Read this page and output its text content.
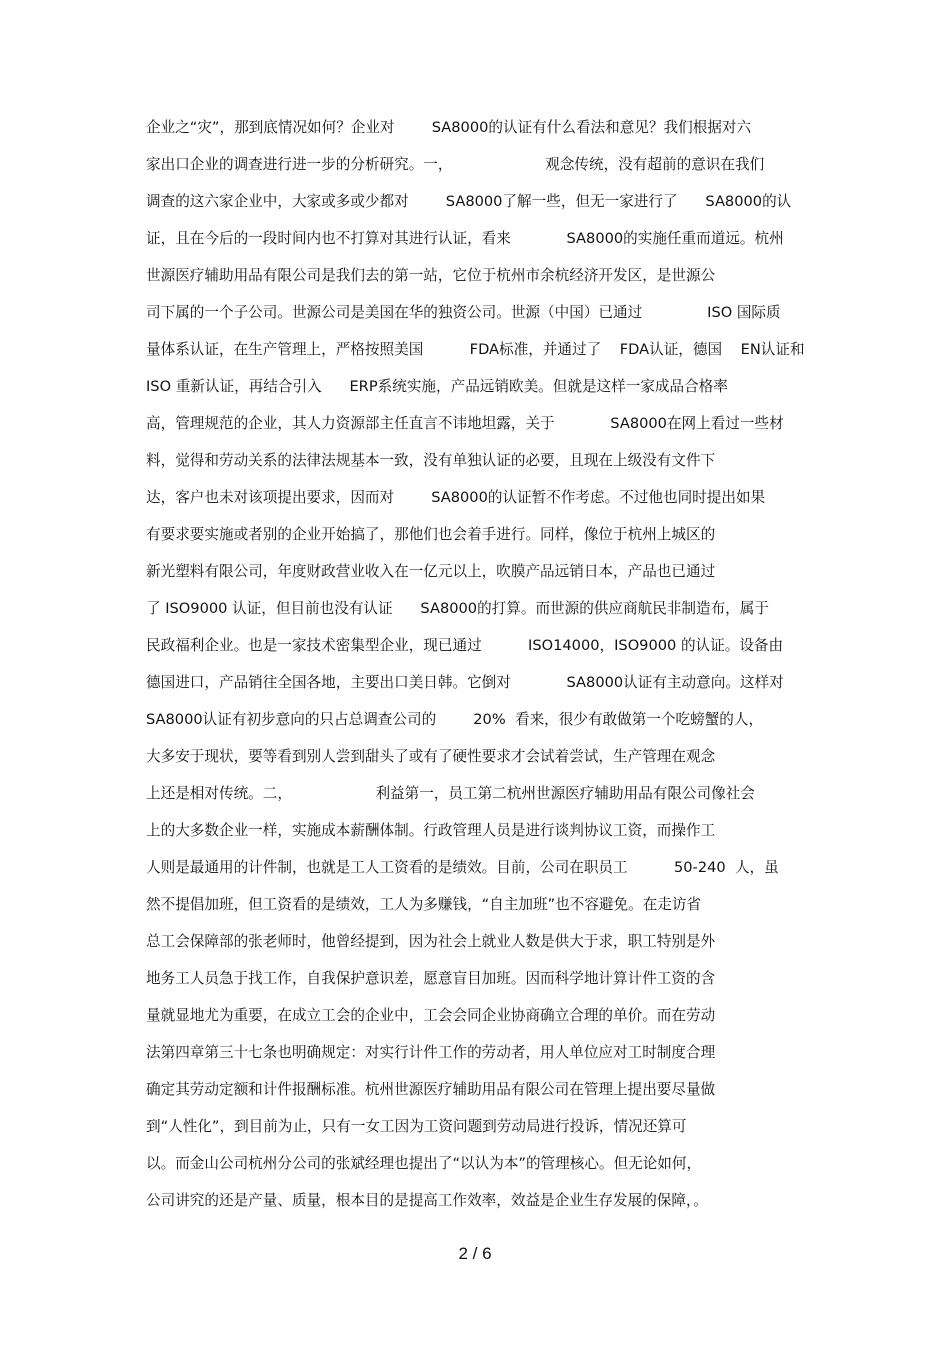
企业之“灾”，那到底情况如何？企业对        SA8000的认证有什么看法和意见？我们根据对六
家出口企业的调查进行进一步的分析研究。一，                    观念传统，没有超前的意识在我们
调查的这六家企业中，大家或多或少都对        SA8000了解一些，但无一家进行了      SA8000的认
证，且在今后的一段时间内也不打算对其进行认证，看来            SA8000的实施任重而道远。杭州
世源医疗辅助用品有限公司是我们去的第一站，它位于杭州市余杭经济开发区，是世源公
司下属的一个子公司。世源公司是美国在华的独资公司。世源（中国）已通过              ISO 国际质
量体系认证，在生产管理上，严格按照美国          FDA标准，并通过了    FDA认证，德国    EN认证和
ISO 重新认证，再结合引入      ERP系统实施，产品远销欧美。但就是这样一家成品合格率
高，管理规范的企业，其人力资源部主任直言不讳地坦露，关于            SA8000在网上看过一些材
料，觉得和劳动关系的法律法规基本一致，没有单独认证的必要，且现在上级没有文件下
达，客户也未对该项提出要求，因而对        SA8000的认证暂不作考虑。不过他也同时提出如果
有要求要实施或者别的企业开始搞了，那他们也会着手进行。同样，像位于杭州上城区的
新光塑料有限公司，年度财政营业收入在一亿元以上，吹膜产品远销日本，产品也已通过
了 ISO9000 认证，但目前也没有认证      SA8000的打算。而世源的供应商航民非制造布，属于
民政福利企业。也是一家技术密集型企业，现已通过          ISO14000，ISO9000 的认证。设备由
德国进口，产品销往全国各地，主要出口美日韩。它倒对            SA8000认证有主动意向。这样对
SA8000认证有初步意向的只占总调查公司的        20%  看来，很少有敢做第一个吃螃蟹的人，
大多安于现状，要等看到别人尝到甜头了或有了硬性要求才会试着尝试，生产管理在观念
上还是相对传统。二，                  利益第一，员工第二杭州世源医疗辅助用品有限公司像社会
上的大多数企业一样，实施成本薪酬体制。行政管理人员是进行谈判协议工资，而操作工
人则是最通用的计件制，也就是工人工资看的是绩效。目前，公司在职员工          50-240  人，虽
然不提倡加班，但工资看的是绩效，工人为多赚钱，“自主加班”也不容避免。在走访省
总工会保障部的张老师时，他曾经提到，因为社会上就业人数是供大于求，职工特别是外
地务工人员急于找工作，自我保护意识差，愿意盲目加班。因而科学地计算计件工资的含
量就显地尤为重要，在成立工会的企业中，工会会同企业协商确立合理的单价。而在劳动
法第四章第三十七条也明确规定：对实行计件工作的劳动者，用人单位应对工时制度合理
确定其劳动定额和计件报酬标准。杭州世源医疗辅助用品有限公司在管理上提出要尽量做
到“人性化”，到目前为止，只有一女工因为工资问题到劳动局进行投诉，情况还算可
以。而金山公司杭州分公司的张斌经理也提出了“以认为本”的管理核心。但无论如何，
公司讲究的还是产量、质量，根本目的是提高工作效率，效益是企业生存发展的保障，。
2 / 6
